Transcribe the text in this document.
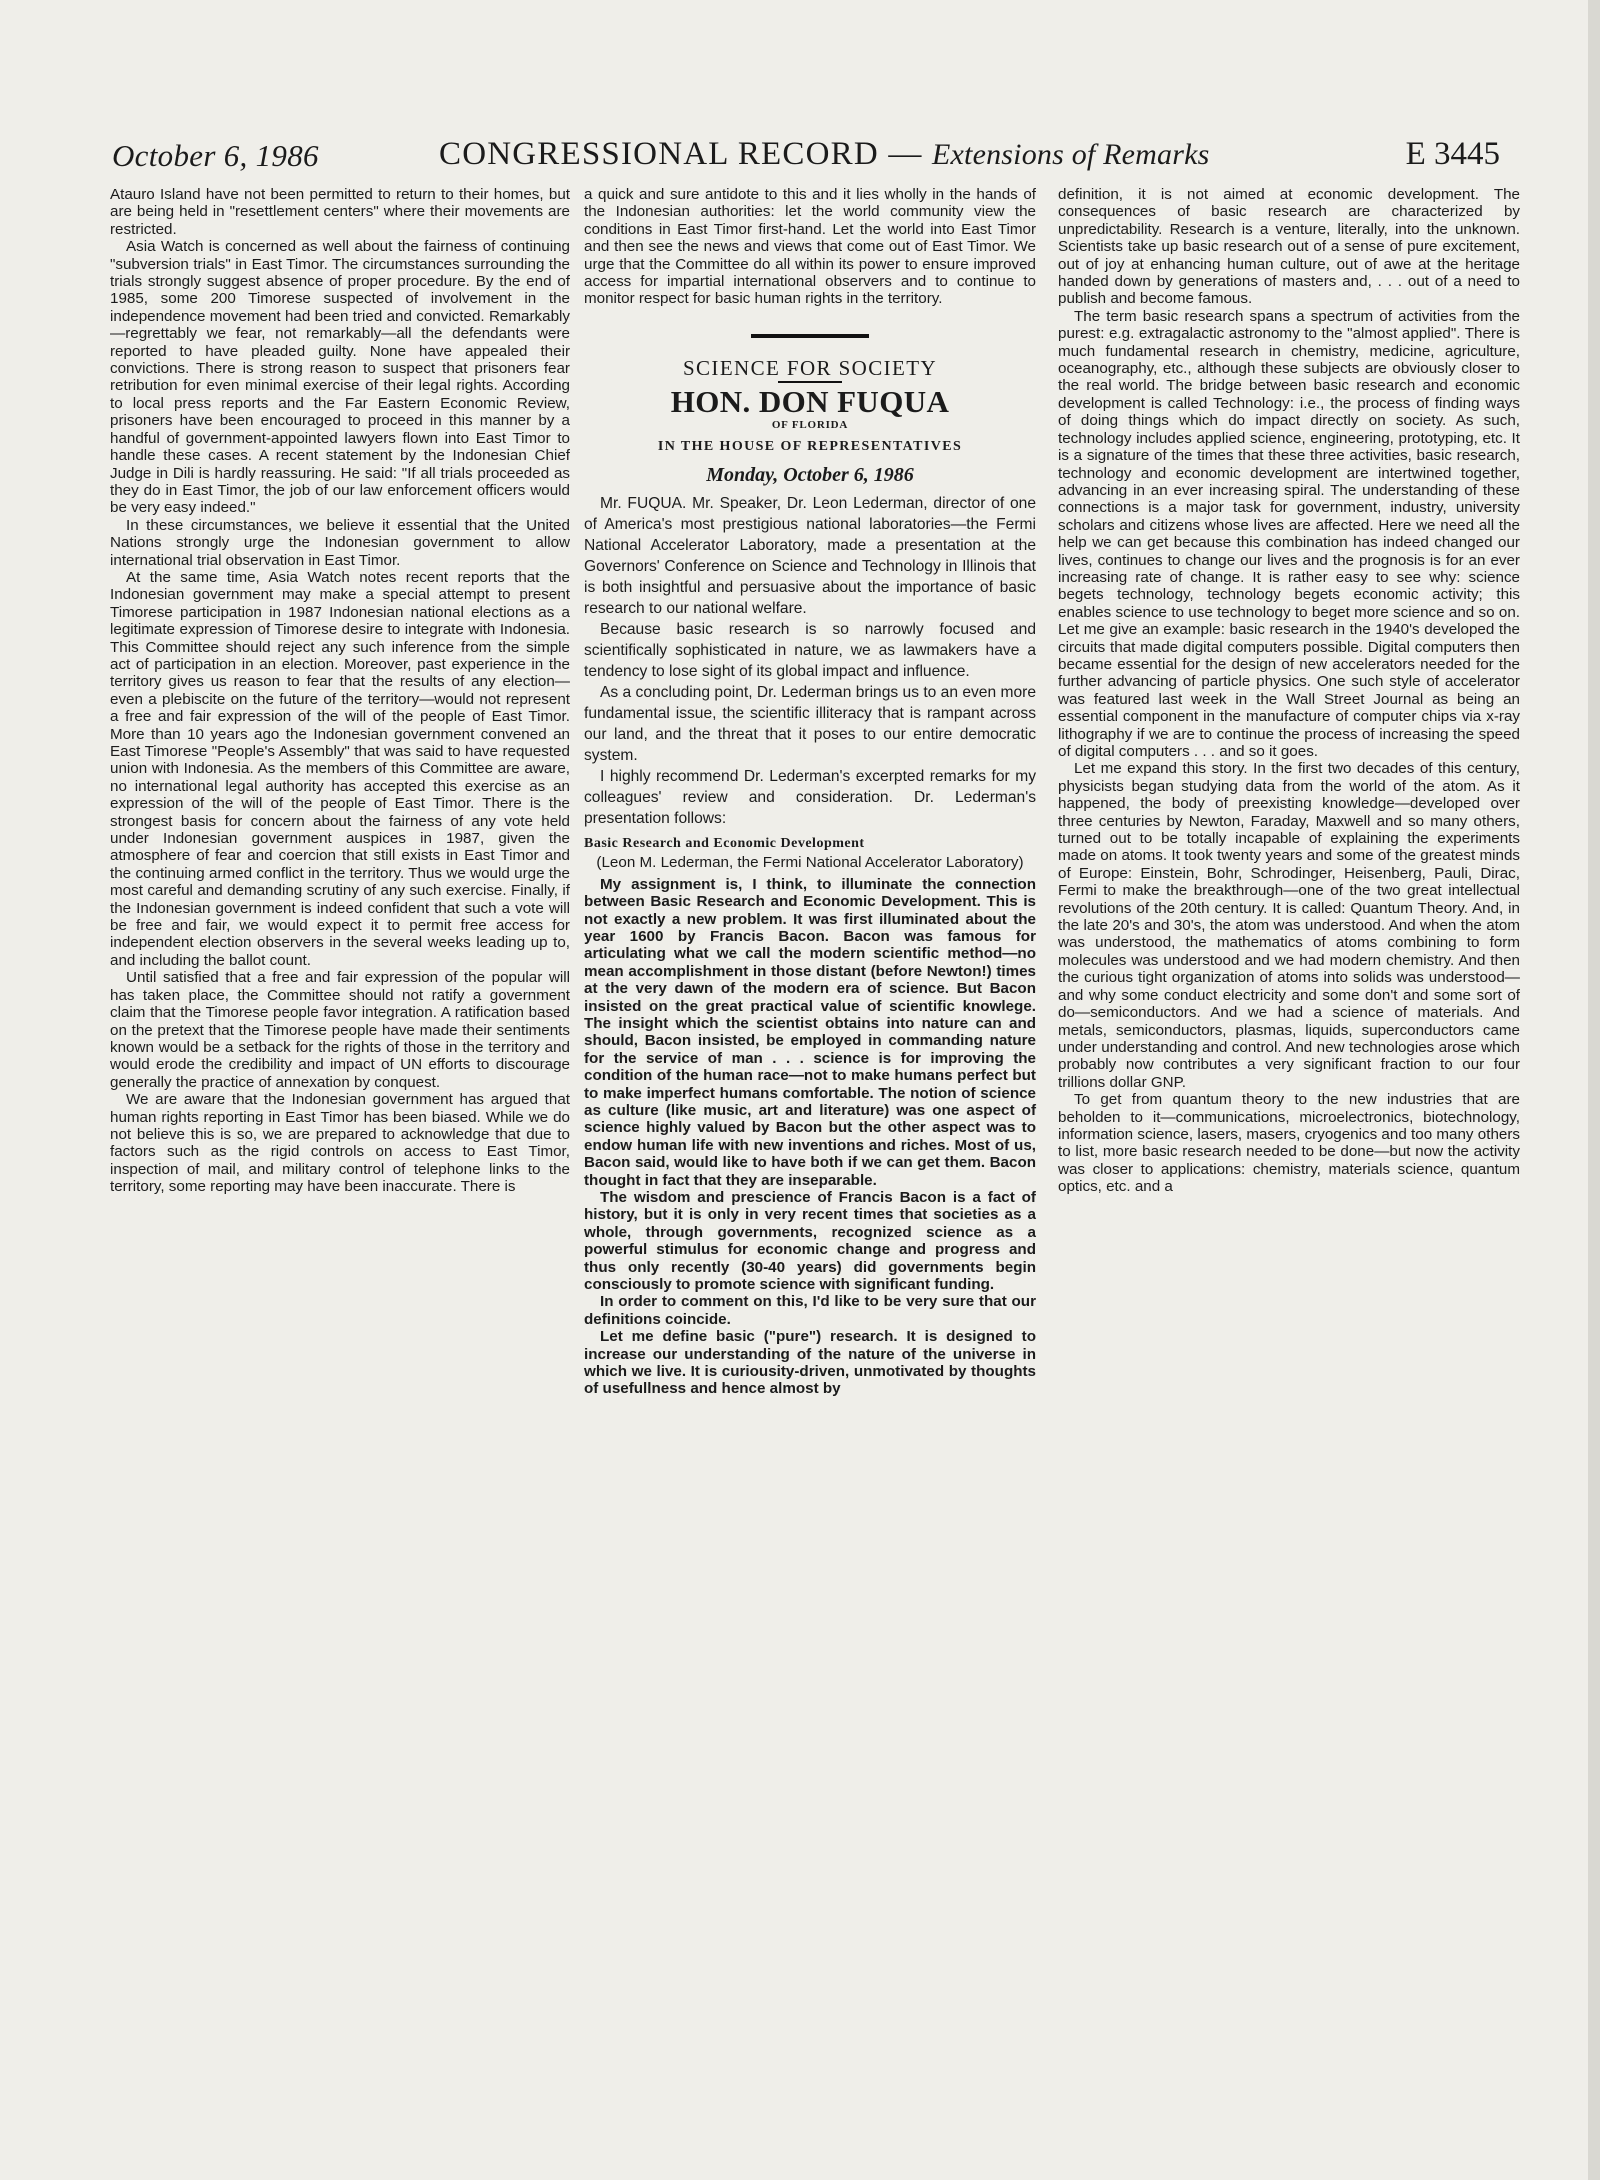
October 6, 1986	CONGRESSIONAL RECORD — Extensions of Remarks	E 3445

Atauro Island have not been permitted to return to their homes, but are being held in "resettlement centers" where their movements are restricted.

Asia Watch is concerned as well about the fairness of continuing "subversion trials" in East Timor. The circumstances surrounding the trials strongly suggest absence of proper procedure. By the end of 1985, some 200 Timorese suspected of involvement in the independence movement had been tried and convicted. Remarkably—regrettably we fear, not remarkably—all the defendants were reported to have pleaded guilty. None have appealed their convictions. There is strong reason to suspect that prisoners fear retribution for even minimal exercise of their legal rights. According to local press reports and the Far Eastern Economic Review, prisoners have been encouraged to proceed in this manner by a handful of government-appointed lawyers flown into East Timor to handle these cases. A recent statement by the Indonesian Chief Judge in Dili is hardly reassuring. He said: "If all trials proceeded as they do in East Timor, the job of our law enforcement officers would be very easy indeed."

In these circumstances, we believe it essential that the United Nations strongly urge the Indonesian government to allow international trial observation in East Timor.

At the same time, Asia Watch notes recent reports that the Indonesian government may make a special attempt to present Timorese participation in 1987 Indonesian national elections as a legitimate expression of Timorese desire to integrate with Indonesia. This Committee should reject any such inference from the simple act of participation in an election. Moreover, past experience in the territory gives us reason to fear that the results of any election—even a plebiscite on the future of the territory—would not represent a free and fair expression of the will of the people of East Timor. More than 10 years ago the Indonesian government convened an East Timorese "People's Assembly" that was said to have requested union with Indonesia. As the members of this Committee are aware, no international legal authority has accepted this exercise as an expression of the will of the people of East Timor. There is the strongest basis for concern about the fairness of any vote held under Indonesian government auspices in 1987, given the atmosphere of fear and coercion that still exists in East Timor and the continuing armed conflict in the territory. Thus we would urge the most careful and demanding scrutiny of any such exercise. Finally, if the Indonesian government is indeed confident that such a vote will be free and fair, we would expect it to permit free access for independent election observers in the several weeks leading up to, and including the ballot count.

Until satisfied that a free and fair expression of the popular will has taken place, the Committee should not ratify a government claim that the Timorese people favor integration. A ratification based on the pretext that the Timorese people have made their sentiments known would be a setback for the rights of those in the territory and would erode the credibility and impact of UN efforts to discourage generally the practice of annexation by conquest.

We are aware that the Indonesian government has argued that human rights reporting in East Timor has been biased. While we do not believe this is so, we are prepared to acknowledge that due to factors such as the rigid controls on access to East Timor, inspection of mail, and military control of telephone links to the territory, some reporting may have been inaccurate. There is

a quick and sure antidote to this and it lies wholly in the hands of the Indonesian authorities: let the world community view the conditions in East Timor first-hand. Let the world into East Timor and then see the news and views that come out of East Timor. We urge that the Committee do all within its power to ensure improved access for impartial international observers and to continue to monitor respect for basic human rights in the territory.

SCIENCE FOR SOCIETY
HON. DON FUQUA
OF FLORIDA
IN THE HOUSE OF REPRESENTATIVES
Monday, October 6, 1986

Mr. FUQUA. Mr. Speaker, Dr. Leon Lederman, director of one of America's most prestigious national laboratories—the Fermi National Accelerator Laboratory, made a presentation at the Governors' Conference on Science and Technology in Illinois that is both insightful and persuasive about the importance of basic research to our national welfare.

Because basic research is so narrowly focused and scientifically sophisticated in nature, we as lawmakers have a tendency to lose sight of its global impact and influence.

As a concluding point, Dr. Lederman brings us to an even more fundamental issue, the scientific illiteracy that is rampant across our land, and the threat that it poses to our entire democratic system.

I highly recommend Dr. Lederman's excerpted remarks for my colleagues' review and consideration. Dr. Lederman's presentation follows:

Basic Research and Economic Development
(Leon M. Lederman, the Fermi National Accelerator Laboratory)

My assignment is, I think, to illuminate the connection between Basic Research and Economic Development. This is not exactly a new problem. It was first illuminated about the year 1600 by Francis Bacon. Bacon was famous for articulating what we call the modern scientific method—no mean accomplishment in those distant (before Newton!) times at the very dawn of the modern era of science. But Bacon insisted on the great practical value of scientific knowlege. The insight which the scientist obtains into nature can and should, Bacon insisted, be employed in commanding nature for the service of man . . . science is for improving the condition of the human race—not to make humans perfect but to make imperfect humans comfortable. The notion of science as culture (like music, art and literature) was one aspect of science highly valued by Bacon but the other aspect was to endow human life with new inventions and riches. Most of us, Bacon said, would like to have both if we can get them. Bacon thought in fact that they are inseparable.

The wisdom and prescience of Francis Bacon is a fact of history, but it is only in very recent times that societies as a whole, through governments, recognized science as a powerful stimulus for economic change and progress and thus only recently (30-40 years) did governments begin consciously to promote science with significant funding.

In order to comment on this, I'd like to be very sure that our definitions coincide.

Let me define basic ("pure") research. It is designed to increase our understanding of the nature of the universe in which we live. It is curiousity-driven, unmotivated by thoughts of usefullness and hence almost by

definition, it is not aimed at economic development. The consequences of basic research are characterized by unpredictability. Research is a venture, literally, into the unknown. Scientists take up basic research out of a sense of pure excitement, out of joy at enhancing human culture, out of awe at the heritage handed down by generations of masters and, . . . out of a need to publish and become famous.

The term basic research spans a spectrum of activities from the purest: e.g. extragalactic astronomy to the "almost applied". There is much fundamental research in chemistry, medicine, agriculture, oceanography, etc., although these subjects are obviously closer to the real world. The bridge between basic research and economic development is called Technology: i.e., the process of finding ways of doing things which do impact directly on society. As such, technology includes applied science, engineering, prototyping, etc. It is a signature of the times that these three activities, basic research, technology and economic development are intertwined together, advancing in an ever increasing spiral. The understanding of these connections is a major task for government, industry, university scholars and citizens whose lives are affected. Here we need all the help we can get because this combination has indeed changed our lives, continues to change our lives and the prognosis is for an ever increasing rate of change. It is rather easy to see why: science begets technology, technology begets economic activity; this enables science to use technology to beget more science and so on. Let me give an example: basic research in the 1940's developed the circuits that made digital computers possible. Digital computers then became essential for the design of new accelerators needed for the further advancing of particle physics. One such style of accelerator was featured last week in the Wall Street Journal as being an essential component in the manufacture of computer chips via x-ray lithography if we are to continue the process of increasing the speed of digital computers . . . and so it goes.

Let me expand this story. In the first two decades of this century, physicists began studying data from the world of the atom. As it happened, the body of preexisting knowledge—developed over three centuries by Newton, Faraday, Maxwell and so many others, turned out to be totally incapable of explaining the experiments made on atoms. It took twenty years and some of the greatest minds of Europe: Einstein, Bohr, Schrodinger, Heisenberg, Pauli, Dirac, Fermi to make the breakthrough—one of the two great intellectual revolutions of the 20th century. It is called: Quantum Theory. And, in the late 20's and 30's, the atom was understood. And when the atom was understood, the mathematics of atoms combining to form molecules was understood and we had modern chemistry. And then the curious tight organization of atoms into solids was understood—and why some conduct electricity and some don't and some sort of do—semiconductors. And we had a science of materials. And metals, semiconductors, plasmas, liquids, superconductors came under understanding and control. And new technologies arose which probably now contributes a very significant fraction to our four trillions dollar GNP.

To get from quantum theory to the new industries that are beholden to it—communications, microelectronics, biotechnology, information science, lasers, masers, cryogenics and too many others to list, more basic research needed to be done—but now the activity was closer to applications: chemistry, materials science, quantum optics, etc. and a
